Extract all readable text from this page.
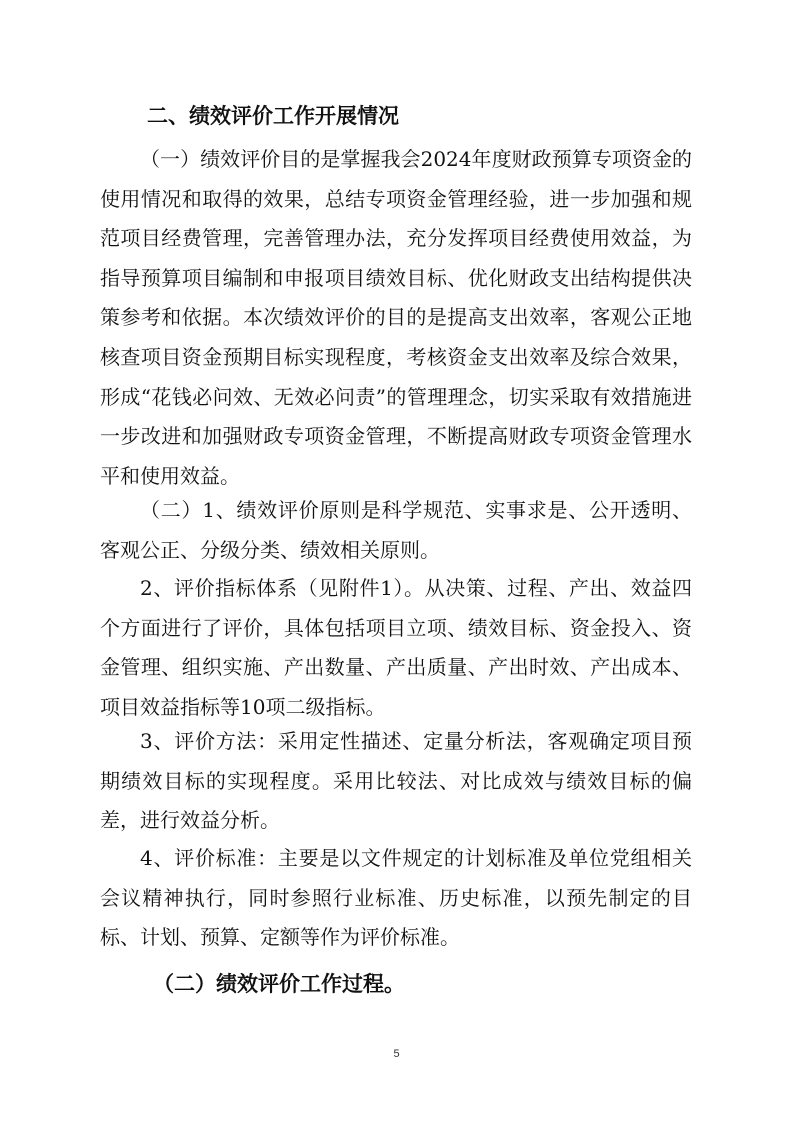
二、绩效评价工作开展情况

（一）绩效评价目的是掌握我会2024年度财政预算专项资金的使用情况和取得的效果，总结专项资金管理经验，进一步加强和规范项目经费管理，完善管理办法，充分发挥项目经费使用效益，为指导预算项目编制和申报项目绩效目标、优化财政支出结构提供决策参考和依据。本次绩效评价的目的是提高支出效率，客观公正地核查项目资金预期目标实现程度，考核资金支出效率及综合效果，形成“花钱必问效、无效必问责”的管理理念，切实采取有效措施进一步改进和加强财政专项资金管理，不断提高财政专项资金管理水平和使用效益。

（二）1、绩效评价原则是科学规范、实事求是、公开透明、客观公正、分级分类、绩效相关原则。

2、评价指标体系（见附件1）。从决策、过程、产出、效益四个方面进行了评价，具体包括项目立项、绩效目标、资金投入、资金管理、组织实施、产出数量、产出质量、产出时效、产出成本、项目效益指标等10项二级指标。

3、评价方法：采用定性描述、定量分析法，客观确定项目预期绩效目标的实现程度。采用比较法、对比成效与绩效目标的偏差，进行效益分析。

4、评价标准：主要是以文件规定的计划标准及单位党组相关会议精神执行，同时参照行业标准、历史标准，以预先制定的目标、计划、预算、定额等作为评价标准。

（二）绩效评价工作过程。
5
